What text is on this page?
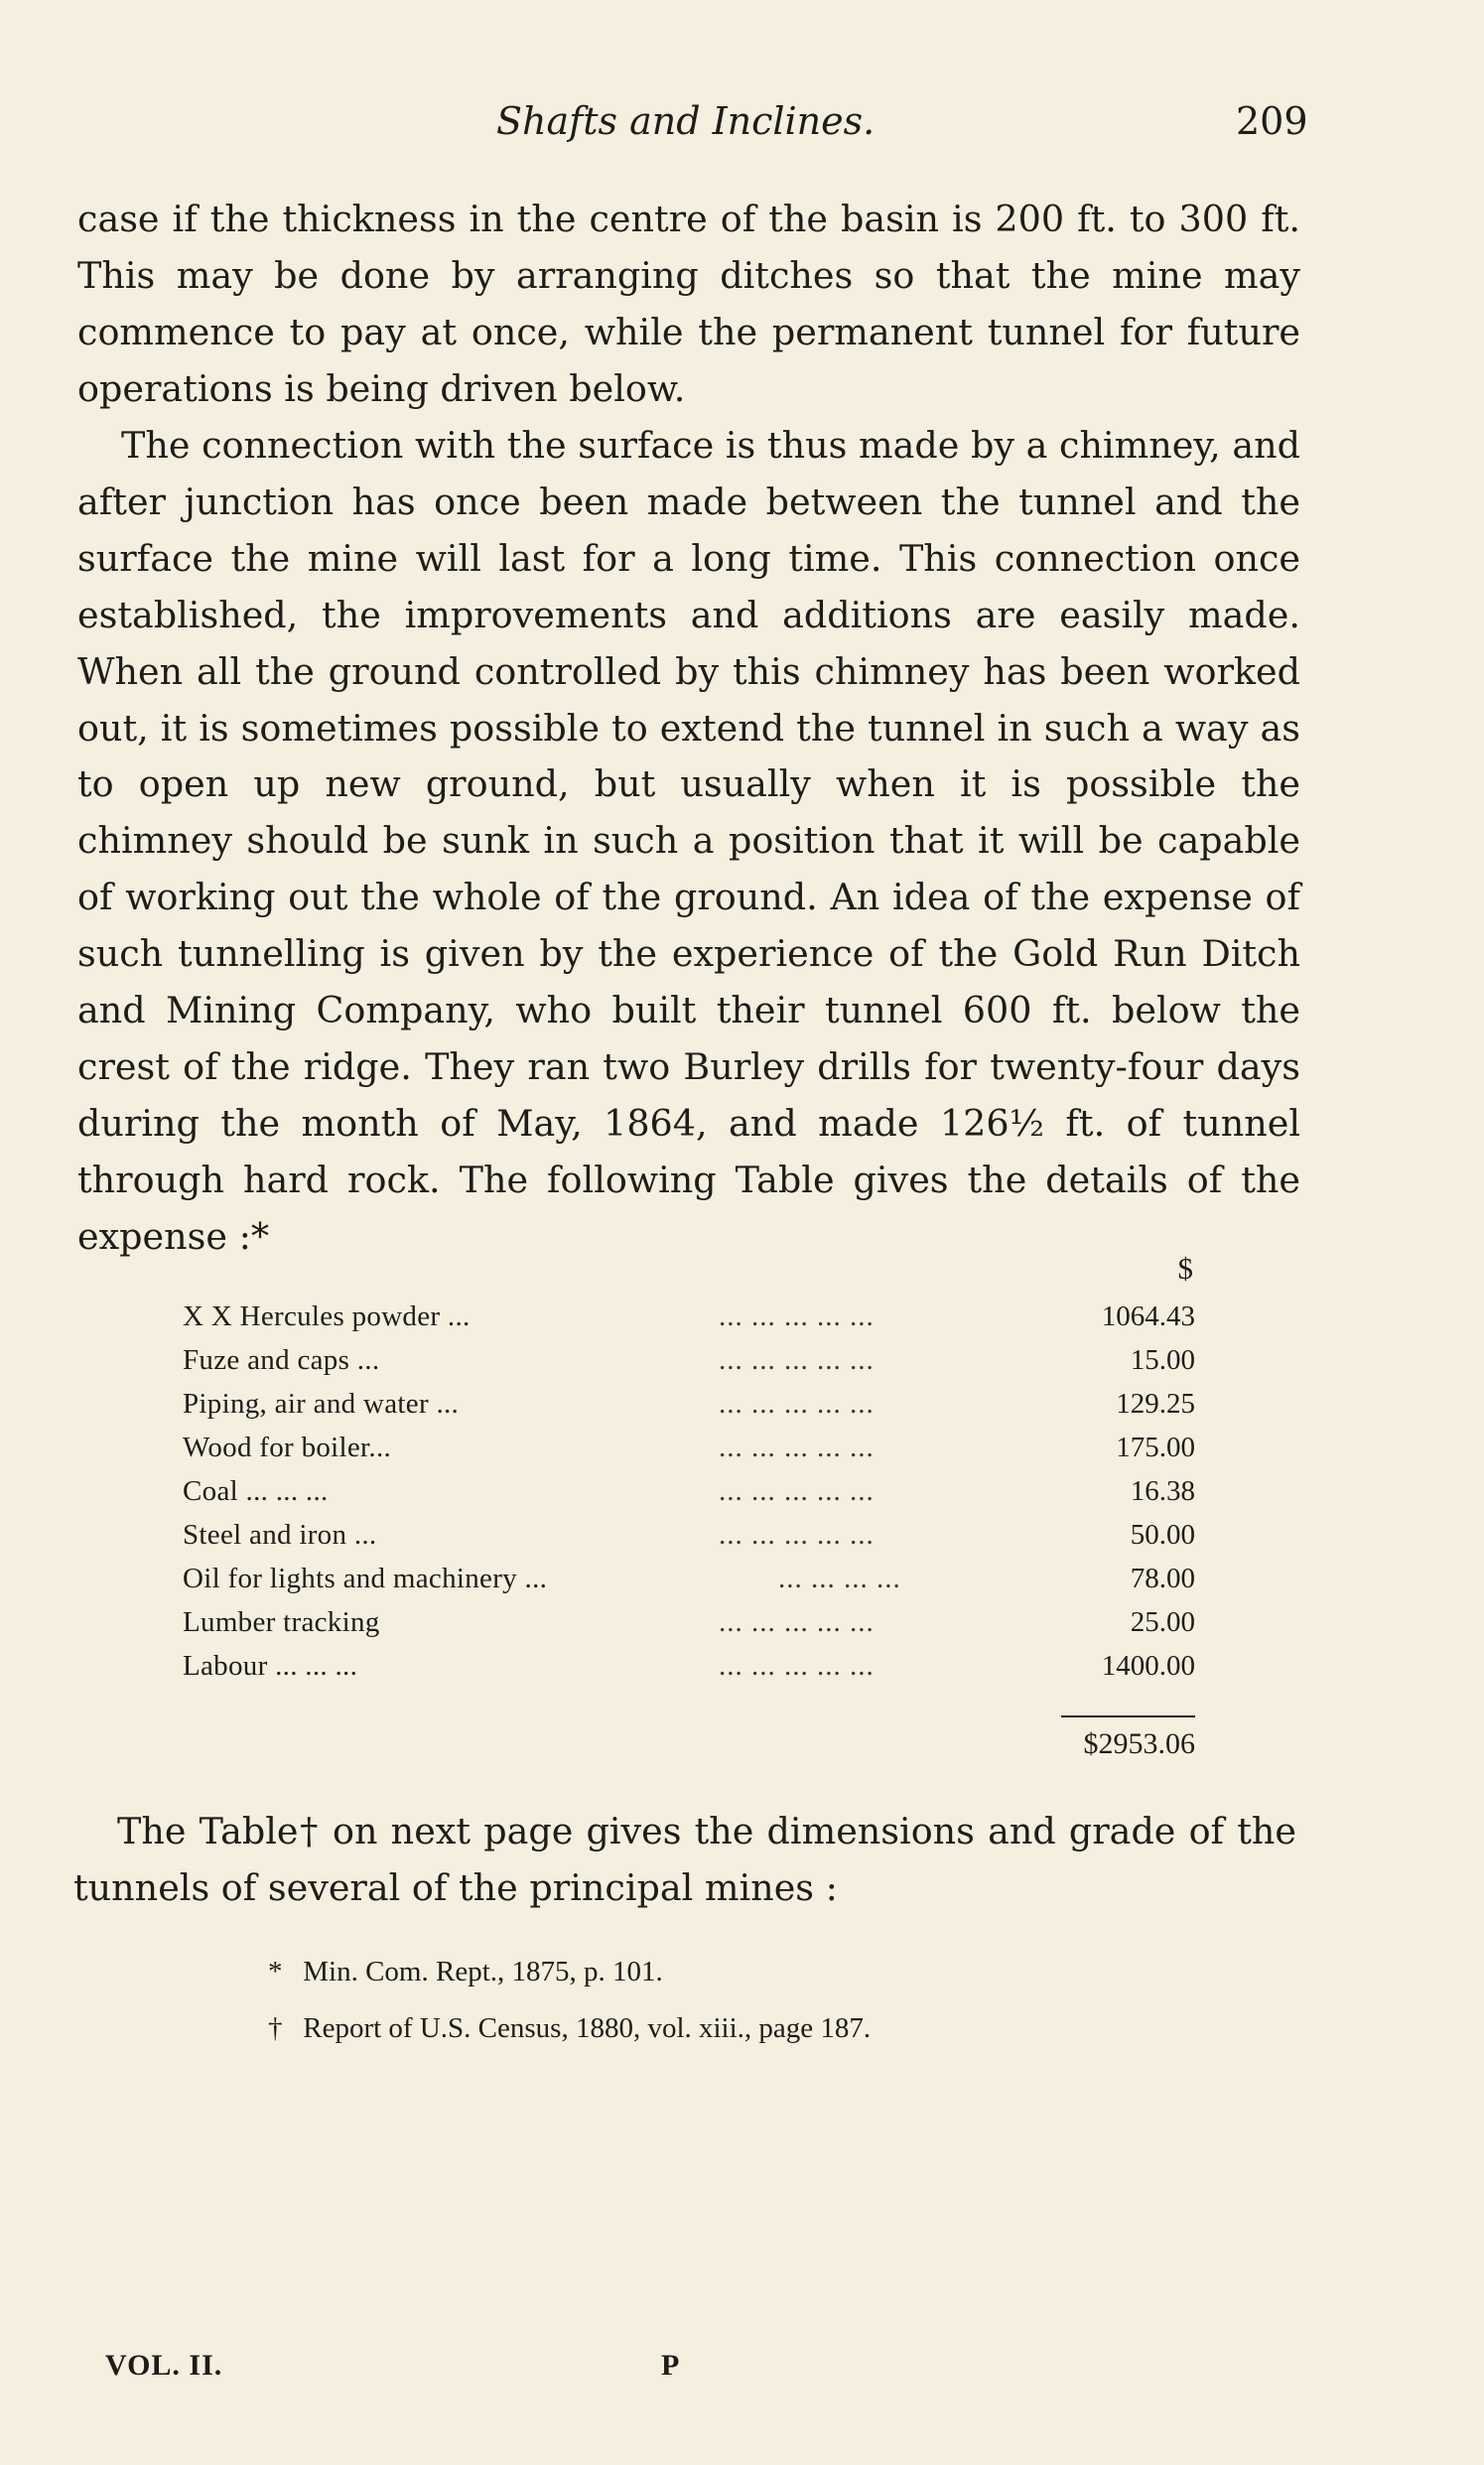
Shafts and Inclines.	209

case if the thickness in the centre of the basin is 200 ft. to 300 ft. This may be done by arranging ditches so that the mine may commence to pay at once, while the permanent tunnel for future operations is being driven below.

The connection with the surface is thus made by a chimney, and after junction has once been made between the tunnel and the surface the mine will last for a long time. This connection once established, the improvements and additions are easily made. When all the ground controlled by this chimney has been worked out, it is sometimes possible to extend the tunnel in such a way as to open up new ground, but usually when it is possible the chimney should be sunk in such a position that it will be capable of working out the whole of the ground. An idea of the expense of such tunnelling is given by the experience of the Gold Run Ditch and Mining Company, who built their tunnel 600 ft. below the crest of the ridge. They ran two Burley drills for twenty-four days during the month of May, 1864, and made 126½ ft. of tunnel through hard rock. The following Table gives the details of the expense :*

$
X X Hercules powder ...	... ... ... ... ...	1064.43
Fuze and caps ...	... ... ... ... ...	15.00
Piping, air and water ...	... ... ... ... ...	129.25
Wood for boiler...	... ... ... ... ...	175.00
Coal ... ... ...	... ... ... ... ...	16.38
Steel and iron ...	... ... ... ... ...	50.00
Oil for lights and machinery ...	... ... ... ...	78.00
Lumber tracking	... ... ... ... ...	25.00
Labour ... ... ...	... ... ... ... ...	1400.00
$2953.06

The Table† on next page gives the dimensions and grade of the tunnels of several of the principal mines :

* Min. Com. Rept., 1875, p. 101.
† Report of U.S. Census, 1880, vol. xiii., page 187.
VOL. II.	P
